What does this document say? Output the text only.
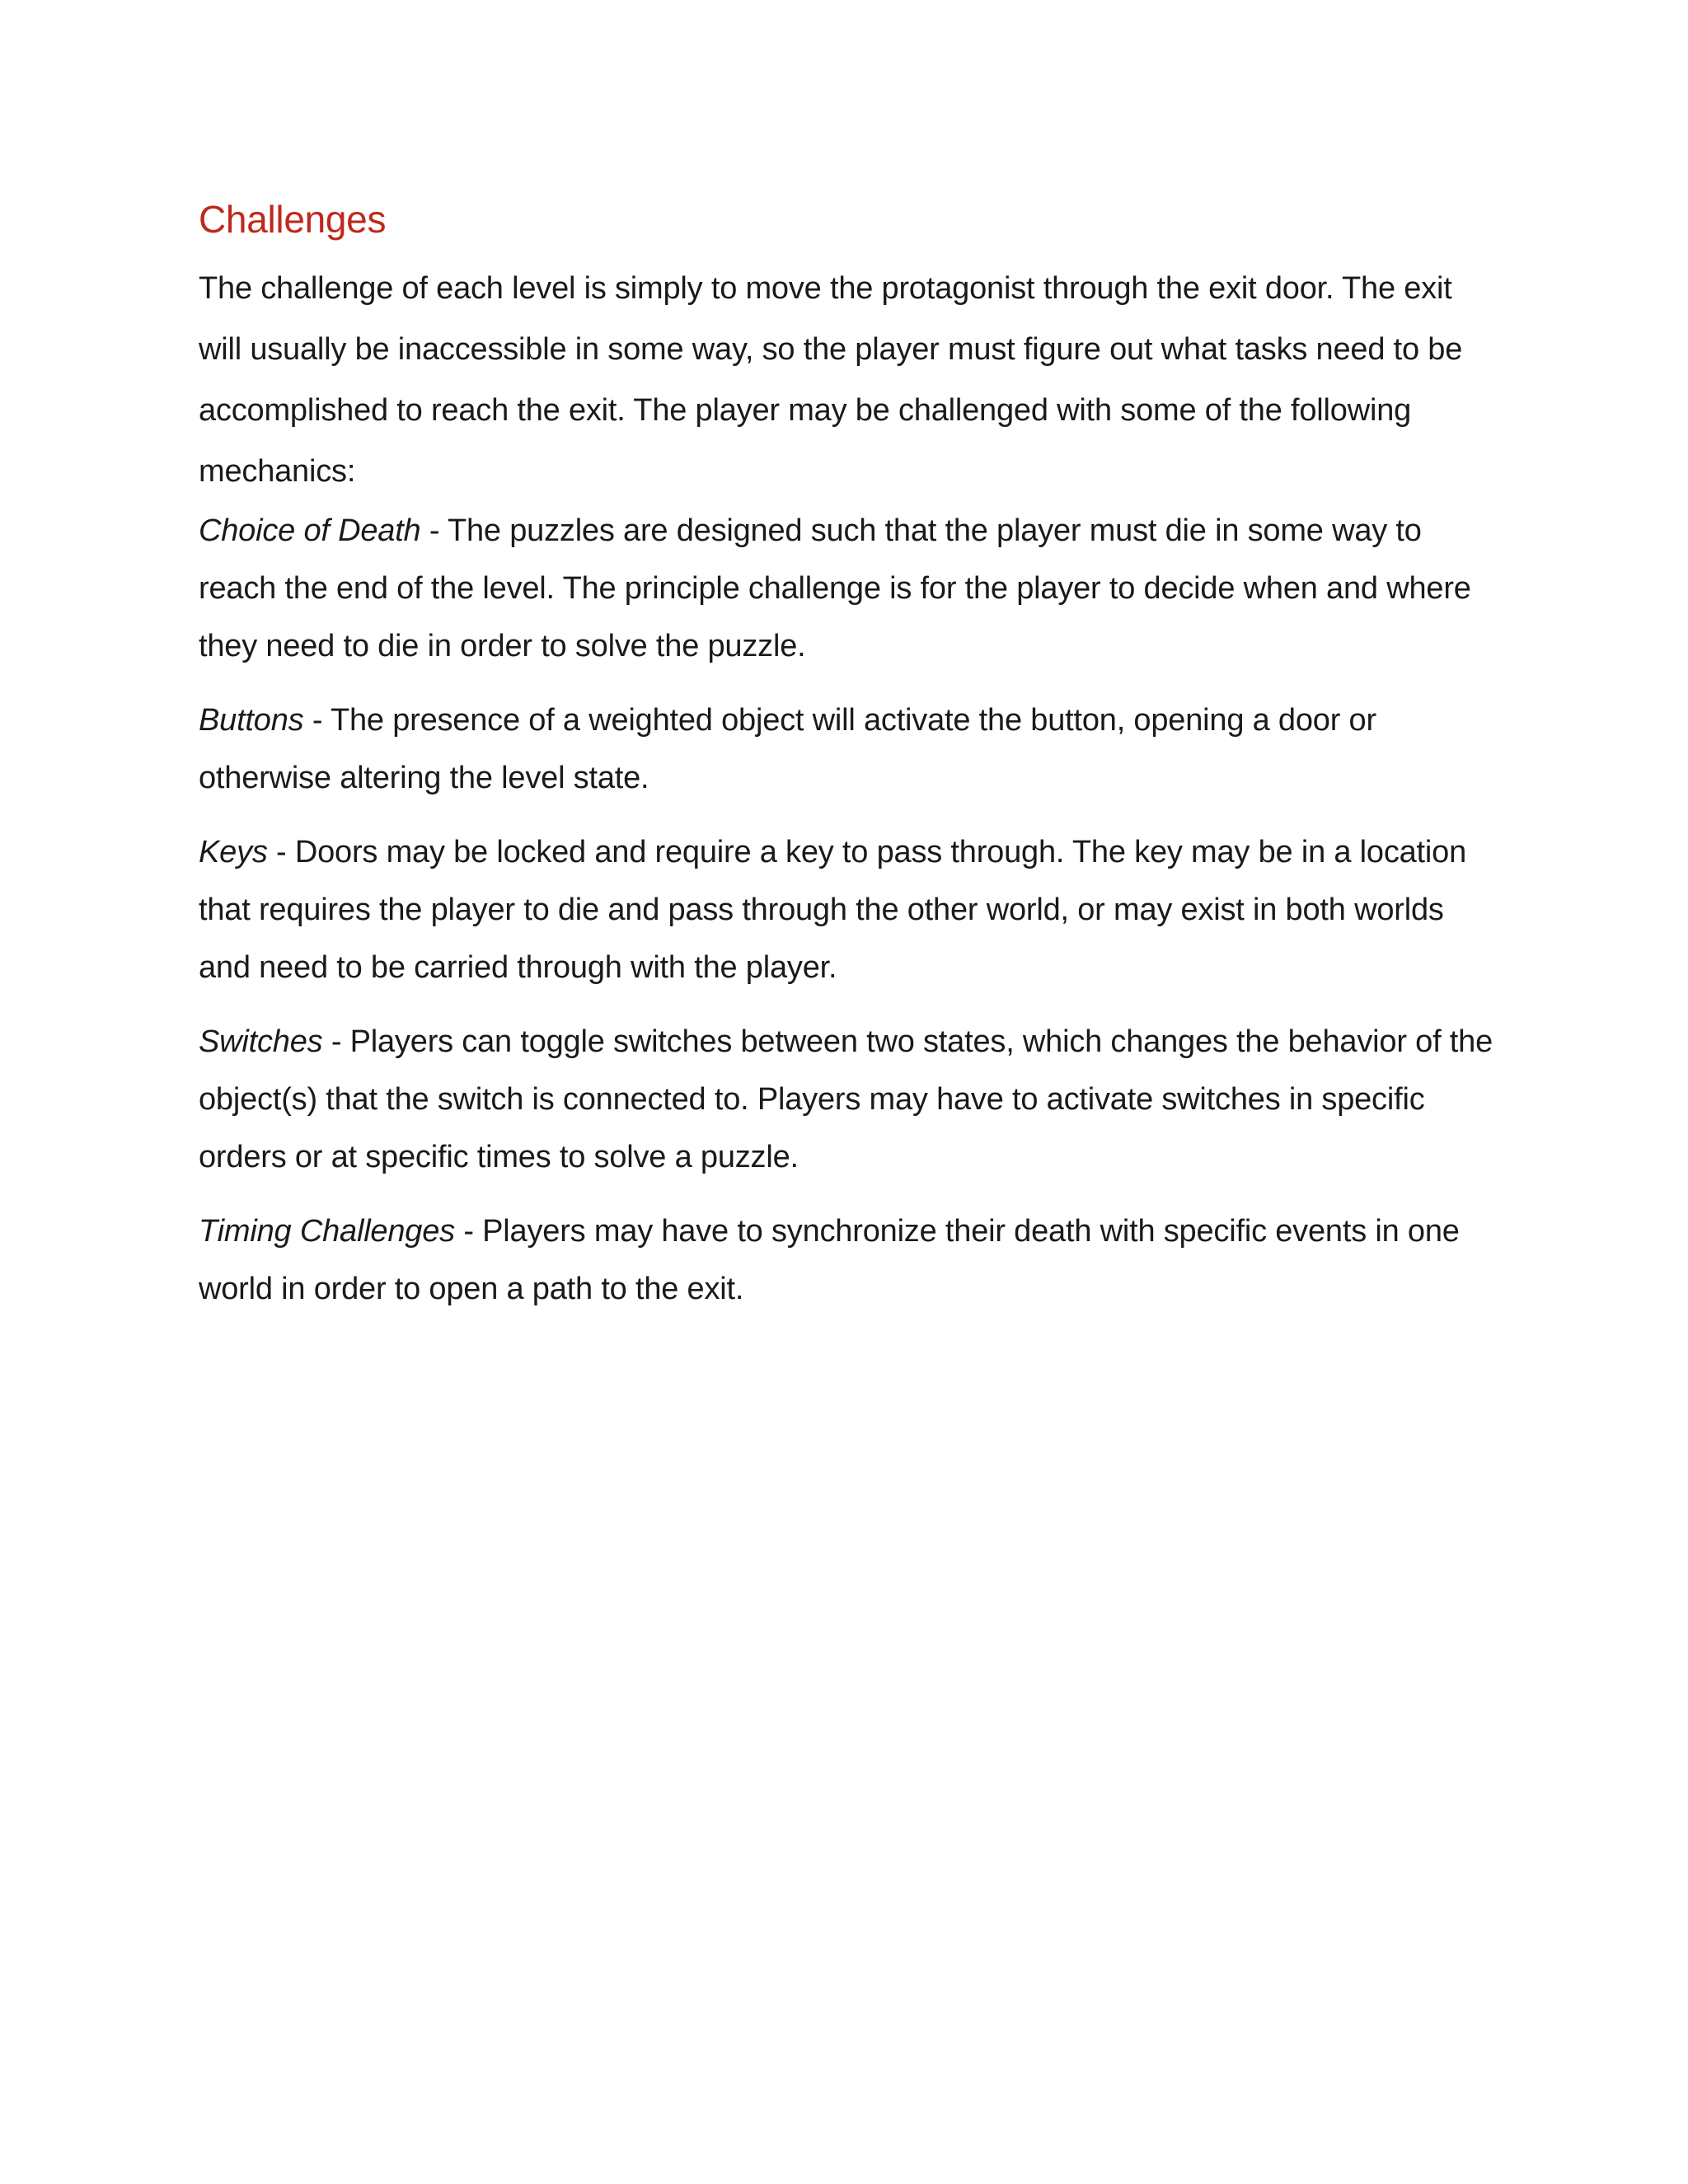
Challenges

The challenge of each level is simply to move the protagonist through the exit door. The exit will usually be inaccessible in some way, so the player must figure out what tasks need to be accomplished to reach the exit. The player may be challenged with some of the following mechanics:

Choice of Death - The puzzles are designed such that the player must die in some way to reach the end of the level. The principle challenge is for the player to decide when and where they need to die in order to solve the puzzle.

Buttons - The presence of a weighted object will activate the button, opening a door or otherwise altering the level state.

Keys - Doors may be locked and require a key to pass through. The key may be in a location that requires the player to die and pass through the other world, or may exist in both worlds and need to be carried through with the player.

Switches - Players can toggle switches between two states, which changes the behavior of the object(s) that the switch is connected to. Players may have to activate switches in specific orders or at specific times to solve a puzzle.

Timing Challenges - Players may have to synchronize their death with specific events in one world in order to open a path to the exit.
